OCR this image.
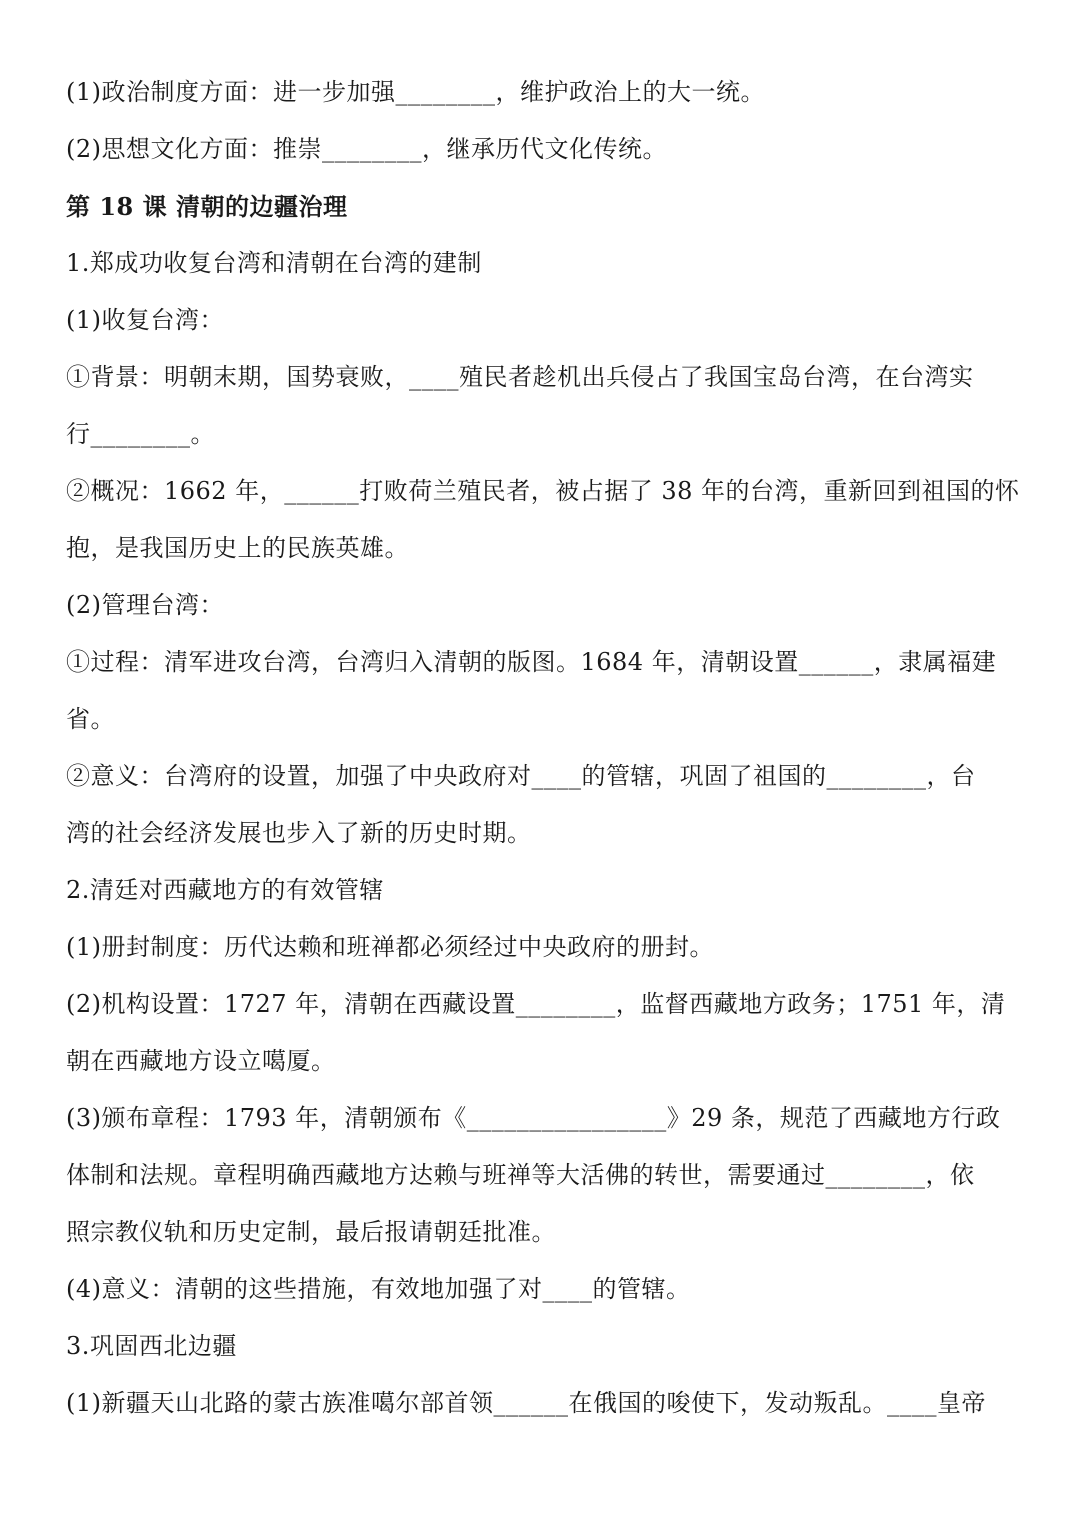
(1)政治制度方面：进一步加强________，维护政治上的大一统。
(2)思想文化方面：推崇________，继承历代文化传统。
第 18 课 清朝的边疆治理
1.郑成功收复台湾和清朝在台湾的建制
(1)收复台湾：
①背景：明朝末期，国势衰败，____殖民者趁机出兵侵占了我国宝岛台湾，在台湾实
行________。
②概况：1662 年，______打败荷兰殖民者，被占据了 38 年的台湾，重新回到祖国的怀
抱，是我国历史上的民族英雄。
(2)管理台湾：
①过程：清军进攻台湾，台湾归入清朝的版图。1684 年，清朝设置______，隶属福建
省。
②意义：台湾府的设置，加强了中央政府对____的管辖，巩固了祖国的________，台
湾的社会经济发展也步入了新的历史时期。
2.清廷对西藏地方的有效管辖
(1)册封制度：历代达赖和班禅都必须经过中央政府的册封。
(2)机构设置：1727 年，清朝在西藏设置________，监督西藏地方政务；1751 年，清
朝在西藏地方设立噶厦。
(3)颁布章程：1793 年，清朝颁布《________________》29 条，规范了西藏地方行政
体制和法规。章程明确西藏地方达赖与班禅等大活佛的转世，需要通过________，依
照宗教仪轨和历史定制，最后报请朝廷批准。
(4)意义：清朝的这些措施，有效地加强了对____的管辖。
3.巩固西北边疆
(1)新疆天山北路的蒙古族准噶尔部首领______在俄国的唆使下，发动叛乱。____皇帝
